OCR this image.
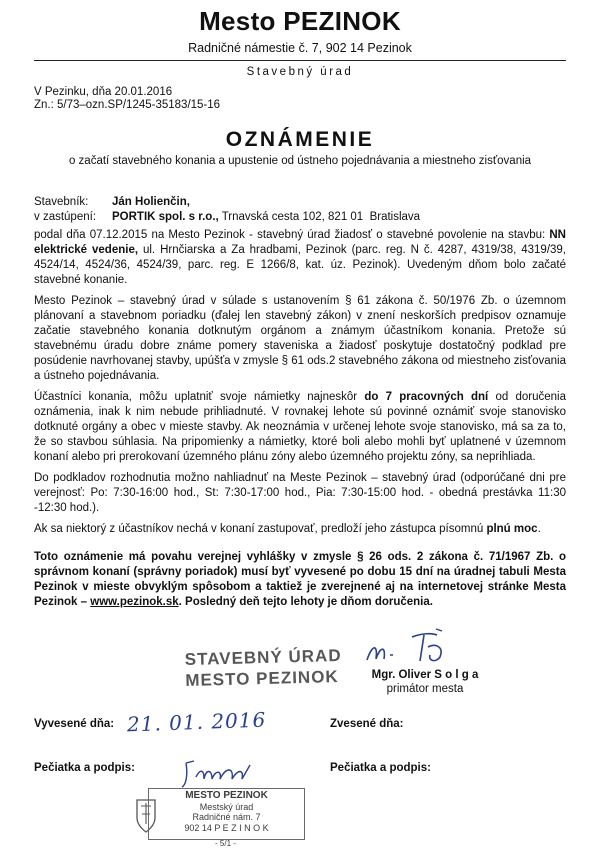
Mesto PEZINOK
Radničné námestie č. 7, 902 14 Pezinok
Stavebný úrad
V Pezinku, dňa 20.01.2016
Zn.: 5/73–ozn.SP/1245-35183/15-16
OZNÁMENIE
o začatí stavebného konania a upustenie od ústneho pojednávania a miestneho zisťovania
Stavebník:	Ján Holienčin,
v zastúpení:	PORTIK spol. s r.o., Trnavská cesta 102, 821 01  Bratislava

podal dňa 07.12.2015 na Mesto Pezinok - stavebný úrad žiadosť o stavebné povolenie na stavbu: NN elektrické vedenie, ul. Hrnčiarska a Za hradbami, Pezinok (parc. reg. N č. 4287, 4319/38, 4319/39, 4524/14, 4524/36, 4524/39, parc. reg. E 1266/8, kat. úz. Pezinok). Uvedeným dňom bolo začaté stavebné konanie.

Mesto Pezinok – stavebný úrad v súlade s ustanovením § 61 zákona č. 50/1976 Zb. o územnom plánovaní a stavebnom poriadku (ďalej len stavebný zákon) v znení neskorších predpisov oznamuje začatie stavebného konania dotknutým orgánom a známym účastníkom konania. Pretože sú stavebnému úradu dobre známe pomery staveniska a žiadosť poskytuje dostatočný podklad pre posúdenie navrhovanej stavby, upúšťa v zmysle § 61 ods.2 stavebného zákona od miestneho zisťovania a ústneho pojednávania.

Účastníci konania, môžu uplatniť svoje námietky najneskôr do 7 pracovných dní od doručenia oznámenia, inak k nim nebude prihliadnuté. V rovnakej lehote sú povinné oznámiť svoje stanovisko dotknuté orgány a obec v mieste stavby. Ak neoznámia v určenej lehote svoje stanovisko, má sa za to, že so stavbou súhlasia. Na pripomienky a námietky, ktoré boli alebo mohli byť uplatnené v územnom konaní alebo pri prerokovaní územného plánu zóny alebo územného projektu zóny, sa neprihliada.

Do podkladov rozhodnutia možno nahliadnuť na Meste Pezinok – stavebný úrad (odporúčané dni pre verejnosť: Po: 7:30-16:00 hod., St: 7:30-17:00 hod., Pia: 7:30-15:00 hod. - obedná prestávka 11:30 -12:30 hod.).

Ak sa niektorý z účastníkov nechá v konaní zastupovať, predloží jeho zástupca písomnú plnú moc.

Toto oznámenie má povahu verejnej vyhlášky v zmysle § 26 ods. 2 zákona č. 71/1967 Zb. o správnom konaní (správny poriadok) musí byť vyvesené po dobu 15 dní na úradnej tabuli Mesta Pezinok v mieste obvyklým spôsobom a taktiež je zverejnené aj na internetovej stránke Mesta Pezinok – www.pezinok.sk. Posledný deň tejto lehoty je dňom doručenia.
STAVEBNÝ ÚRAD
MESTO PEZINOK	Mgr. Oliver S o l g a
primátor mesta
Vyvesené dňa: 21. 01. 2016	Zvesené dňa:
Pečiatka a podpis:	Pečiatka a podpis:
MESTO PEZINOK
Mestský úrad
Radničné nám. 7
902 14 P E Z I N O K
- 5/1 -
